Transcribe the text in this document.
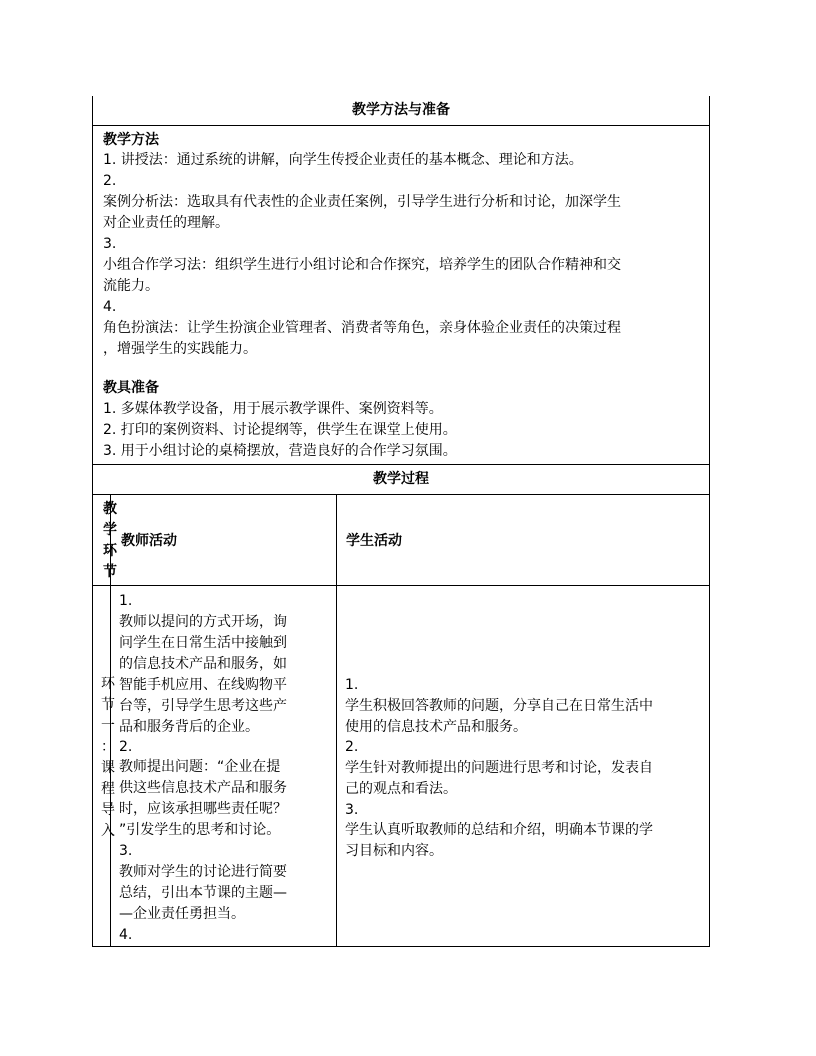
教学方法与准备
教学方法
1. 讲授法：通过系统的讲解，向学生传授企业责任的基本概念、理论和方法。
2.
案例分析法：选取具有代表性的企业责任案例，引导学生进行分析和讨论，加深学生
对企业责任的理解。
3.
小组合作学习法：组织学生进行小组讨论和合作探究，培养学生的团队合作精神和交
流能力。
4.
角色扮演法：让学生扮演企业管理者、消费者等角色，亲身体验企业责任的决策过程
，增强学生的实践能力。
教具准备
1. 多媒体教学设备，用于展示教学课件、案例资料等。
2. 打印的案例资料、讨论提纲等，供学生在课堂上使用。
3. 用于小组讨论的桌椅摆放，营造良好的合作学习氛围。
教学过程
教
学
环
节
教师活动	学生活动
环
节
一
：
课
程
导
入
1.
教师以提问的方式开场，询
问学生在日常生活中接触到
的信息技术产品和服务，如
智能手机应用、在线购物平
台等，引导学生思考这些产
品和服务背后的企业。
2.
教师提出问题：“企业在提
供这些信息技术产品和服务
时，应该承担哪些责任呢？
”引发学生的思考和讨论。
3.
教师对学生的讨论进行简要
总结，引出本节课的主题—
—企业责任勇担当。
4.
1.
学生积极回答教师的问题，分享自己在日常生活中
使用的信息技术产品和服务。
2.
学生针对教师提出的问题进行思考和讨论，发表自
己的观点和看法。
3.
学生认真听取教师的总结和介绍，明确本节课的学
习目标和内容。
